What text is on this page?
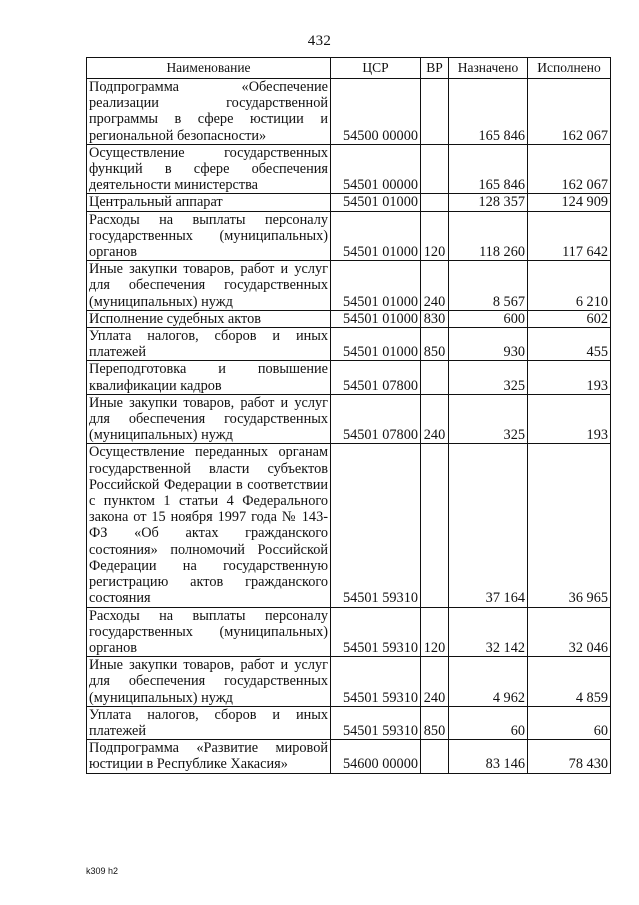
432
Наименование	ЦСР	ВР	Назначено	Исполнено
Подпрограмма «Обеспечение реализации государственной программы в сфере юстиции и региональной безопасности»	54500 00000		165 846	162 067
Осуществление государственных функций в сфере обеспечения деятельности министерства	54501 00000		165 846	162 067
Центральный аппарат	54501 01000		128 357	124 909
Расходы на выплаты персоналу государственных (муниципальных) органов	54501 01000	120	118 260	117 642
Иные закупки товаров, работ и услуг для обеспечения государственных (муниципальных) нужд	54501 01000	240	8 567	6 210
Исполнение судебных актов	54501 01000	830	600	602
Уплата налогов, сборов и иных платежей	54501 01000	850	930	455
Переподготовка и повышение квалификации кадров	54501 07800		325	193
Иные закупки товаров, работ и услуг для обеспечения государственных (муниципальных) нужд	54501 07800	240	325	193
Осуществление переданных органам государственной власти субъектов Российской Федерации в соответствии с пунктом 1 статьи 4 Федерального закона от 15 ноября 1997 года № 143-ФЗ «Об актах гражданского состояния» полномочий Российской Федерации на государственную регистрацию актов гражданского состояния	54501 59310		37 164	36 965
Расходы на выплаты персоналу государственных (муниципальных) органов	54501 59310	120	32 142	32 046
Иные закупки товаров, работ и услуг для обеспечения государственных (муниципальных) нужд	54501 59310	240	4 962	4 859
Уплата налогов, сборов и иных платежей	54501 59310	850	60	60
Подпрограмма «Развитие мировой юстиции в Республике Хакасия»	54600 00000		83 146	78 430
k309 h2
